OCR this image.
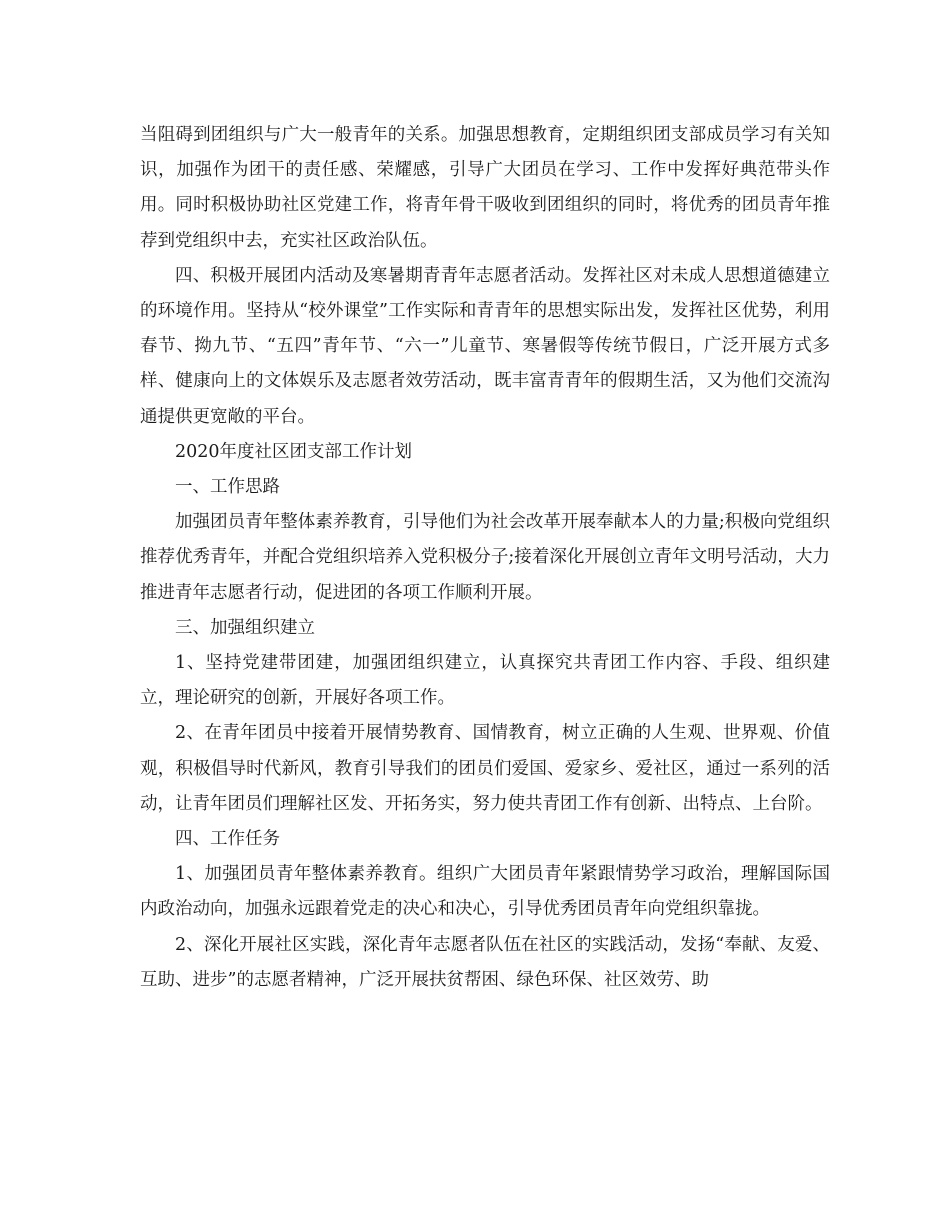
当阻碍到团组织与广大一般青年的关系。加强思想教育，定期组织团支部成员学习有关知识，加强作为团干的责任感、荣耀感，引导广大团员在学习、工作中发挥好典范带头作用。同时积极协助社区党建工作，将青年骨干吸收到团组织的同时，将优秀的团员青年推荐到党组织中去，充实社区政治队伍。

四、积极开展团内活动及寒暑期青青年志愿者活动。发挥社区对未成人思想道德建立的环境作用。坚持从“校外课堂”工作实际和青青年的思想实际出发，发挥社区优势，利用春节、拗九节、“五四”青年节、“六一”儿童节、寒暑假等传统节假日，广泛开展方式多样、健康向上的文体娱乐及志愿者效劳活动，既丰富青青年的假期生活，又为他们交流沟通提供更宽敞的平台。

2020年度社区团支部工作计划

一、工作思路

加强团员青年整体素养教育，引导他们为社会改革开展奉献本人的力量;积极向党组织推荐优秀青年，并配合党组织培养入党积极分子;接着深化开展创立青年文明号活动，大力推进青年志愿者行动，促进团的各项工作顺利开展。

三、加强组织建立

1、坚持党建带团建，加强团组织建立，认真探究共青团工作内容、手段、组织建立，理论研究的创新，开展好各项工作。

2、在青年团员中接着开展情势教育、国情教育，树立正确的人生观、世界观、价值观，积极倡导时代新风，教育引导我们的团员们爱国、爱家乡、爱社区，通过一系列的活动，让青年团员们理解社区发、开拓务实，努力使共青团工作有创新、出特点、上台阶。

四、工作任务

1、加强团员青年整体素养教育。组织广大团员青年紧跟情势学习政治，理解国际国内政治动向，加强永远跟着党走的决心和决心，引导优秀团员青年向党组织靠拢。

2、深化开展社区实践，深化青年志愿者队伍在社区的实践活动，发扬“奉献、友爱、互助、进步”的志愿者精神，广泛开展扶贫帮困、绿色环保、社区效劳、助
